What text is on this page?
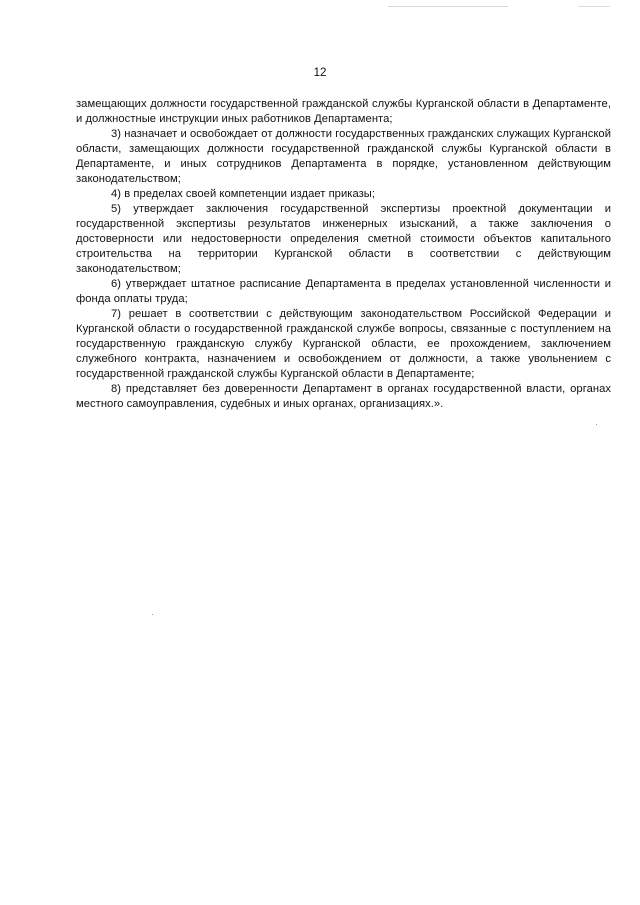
12

замещающих должности государственной гражданской службы Курганской области в Департаменте, и должностные инструкции иных работников Департамента;

3) назначает и освобождает от должности государственных гражданских служащих Курганской области, замещающих должности государственной гражданской службы Курганской области в Департаменте, и иных сотрудников Департамента в порядке, установленном действующим законодательством;

4) в пределах своей компетенции издает приказы;

5) утверждает заключения государственной экспертизы проектной документации и государственной экспертизы результатов инженерных изысканий, а также заключения о достоверности или недостоверности определения сметной стоимости объектов капитального строительства на территории Курганской области в соответствии с действующим законодательством;

6) утверждает штатное расписание Департамента в пределах установленной численности и фонда оплаты труда;

7) решает в соответствии с действующим законодательством Российской Федерации и Курганской области о государственной гражданской службе вопросы, связанные с поступлением на государственную гражданскую службу Курганской области, ее прохождением, заключением служебного контракта, назначением и освобождением от должности, а также увольнением с государственной гражданской службы Курганской области в Департаменте;

8) представляет без доверенности Департамент в органах государственной власти, органах местного самоуправления, судебных и иных органах, организациях.».
